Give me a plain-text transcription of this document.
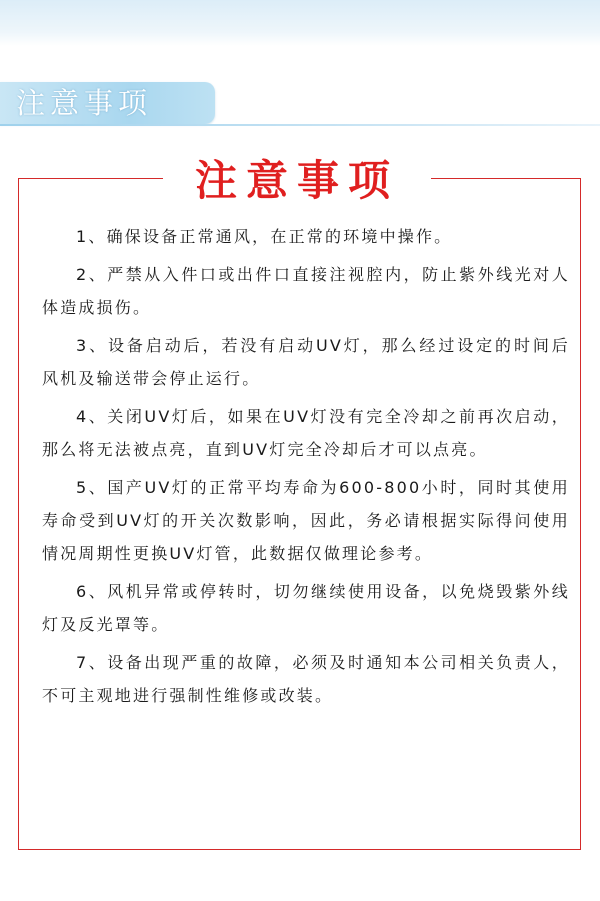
注意事项
注意事项

1、确保设备正常通风，在正常的环境中操作。

2、严禁从入件口或出件口直接注视腔内，防止紫外线光对人体造成损伤。

3、设备启动后，若没有启动UV灯，那么经过设定的时间后风机及输送带会停止运行。

4、关闭UV灯后，如果在UV灯没有完全冷却之前再次启动，那么将无法被点亮，直到UV灯完全冷却后才可以点亮。

5、国产UV灯的正常平均寿命为600-800小时，同时其使用寿命受到UV灯的开关次数影响，因此，务必请根据实际得问使用情况周期性更换UV灯管，此数据仅做理论参考。

6、风机异常或停转时，切勿继续使用设备，以免烧毁紫外线灯及反光罩等。

7、设备出现严重的故障，必须及时通知本公司相关负责人，不可主观地进行强制性维修或改装。
